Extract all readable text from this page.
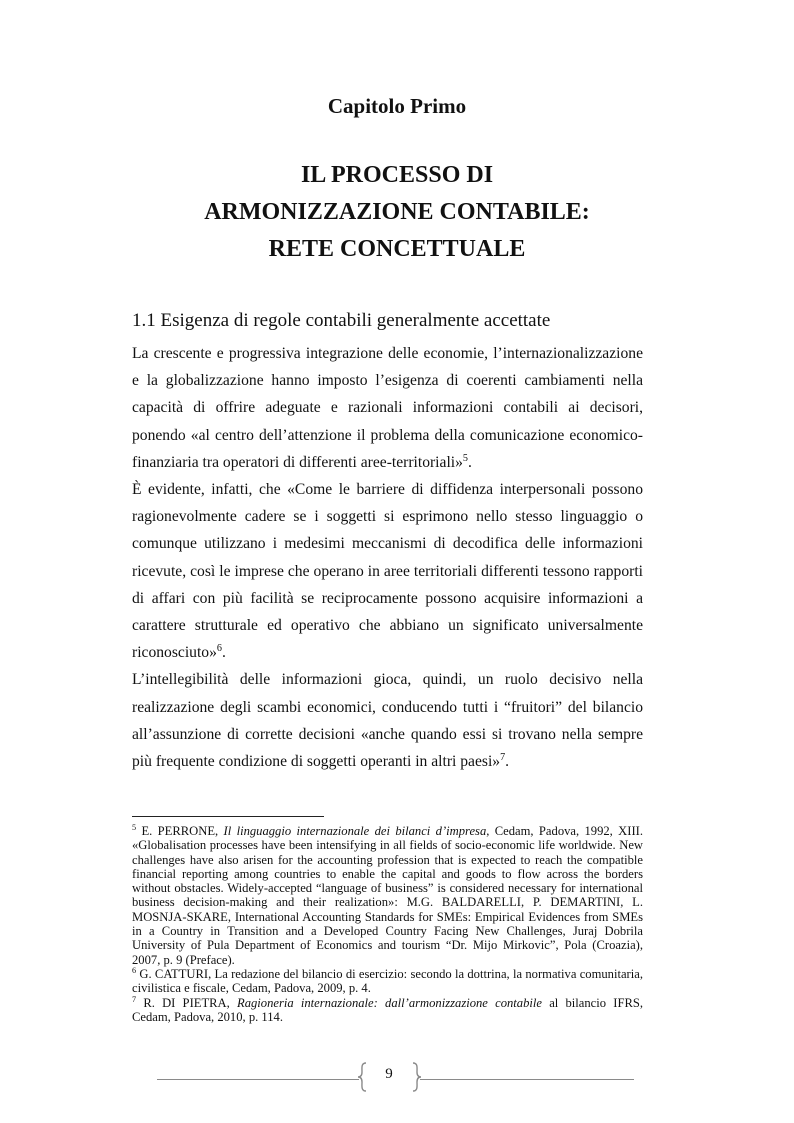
Capitolo Primo
IL PROCESSO DI
ARMONIZZAZIONE CONTABILE:
RETE CONCETTUALE
1.1 Esigenza di regole contabili generalmente accettate

La crescente e progressiva integrazione delle economie, l’internazionalizzazione e la globalizzazione hanno imposto l’esigenza di coerenti cambiamenti nella capacità di offrire adeguate e razionali informazioni contabili ai decisori, ponendo «al centro dell’attenzione il problema della comunicazione economico-finanziaria tra operatori di differenti aree-territoriali»$^5$.

È evidente, infatti, che «Come le barriere di diffidenza interpersonali possono ragionevolmente cadere se i soggetti si esprimono nello stesso linguaggio o comunque utilizzano i medesimi meccanismi di decodifica delle informazioni ricevute, così le imprese che operano in aree territoriali differenti tessono rapporti di affari con più facilità se reciprocamente possono acquisire informazioni a carattere strutturale ed operativo che abbiano un significato universalmente riconosciuto»$^6$.

L’intellegibilità delle informazioni gioca, quindi, un ruolo decisivo nella realizzazione degli scambi economici, conducendo tutti i “fruitori” del bilancio all’assunzione di corrette decisioni «anche quando essi si trovano nella sempre più frequente condizione di soggetti operanti in altri paesi»$^7$.

$^5$ E. PERRONE, Il linguaggio internazionale dei bilanci d’impresa, Cedam, Padova, 1992, XIII. «Globalisation processes have been intensifying in all fields of socio-economic life worldwide. New challenges have also arisen for the accounting profession that is expected to reach the compatible financial reporting among countries to enable the capital and goods to flow across the borders without obstacles. Widely-accepted “language of business” is considered necessary for international business decision-making and their realization»: M.G. BALDARELLI, P. DEMARTINI, L. MOSNJA-SKARE, International Accounting Standards for SMEs: Empirical Evidences from SMEs in a Country in Transition and a Developed Country Facing New Challenges, Juraj Dobrila University of Pula Department of Economics and tourism “Dr. Mijo Mirkovic”, Pola (Croazia), 2007, p. 9 (Preface).

$^6$ G. CATTURI, La redazione del bilancio di esercizio: secondo la dottrina, la normativa comunitaria, civilistica e fiscale, Cedam, Padova, 2009, p. 4.

$^7$ R. DI PIETRA, Ragioneria internazionale: dall’armonizzazione contabile al bilancio IFRS, Cedam, Padova, 2010, p. 114.

9
